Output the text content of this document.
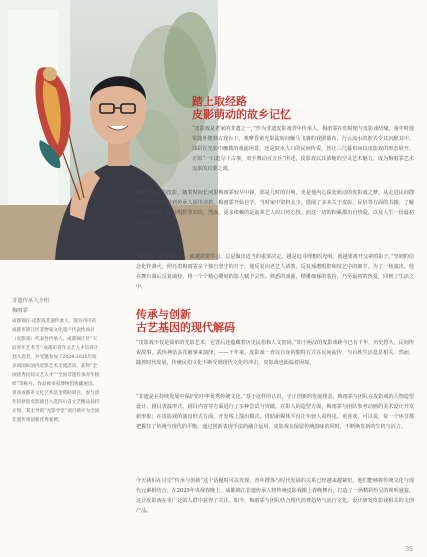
踏上取经路
皮影萌动的故乡记忆

“皮影戏是老家的非遗之一，”作为非遗皮影戏青年传承人，梅雨霏在幼时便与皮影戏结缘。童年时他常随外婆到古戏台下，观摩昏黄光影流转间触马飞骑的戏剧幕布，行云流水的腔式令其沉醉其中。油彩在光影中幽微的戏曲场景，还是鼓水人口的民间传说，皆让三尺幕布间以皮影戏的形态展开。正如“一口道尽千古事，双手舞动百万兵”所述，皮影戏以其浓缩的空灵艺术魅力，成为梅雨霏艺术追求的启蒙之源。

童年记忆中的皮影，随着时间长河里梅雨霏较早中锋，那是儿时的召唤，更是他内心深处萌动的皮影戏之梦。从走进民间搜集到的古戏资料到传承人那里请教，梅雨霏开始自学。当时家中资料太少，借阅了多本关于皮影、民俗等方面的书籍，了解了演出设备、剧目唱腔等知识，然而，更多依赖的是前辈艺人的口传心授。而这一切的积累都出自热爱，以及人生一份最初的责任。

“我年轻人越是爱皮影，就越需要学习。总是做出适当的重要决定。越是追寻理想的光明，就越要离开父辈的影子。”坚韧的信念化作盏火，照亮着梅雨霏多个独自坚守的日子。他反复向老艺人请教，反复琢磨唱腔和技艺中的细节。为了一场演出，他在舞台幕后反复调校，将一个个精心雕刻的影人赋予灵性。熟悉的戏曲，精雕细琢的装扮，乃至最初的热爱，回到了生活之中。

传承与创新
古艺基因的现代解码

“皮影戏不仅是简单的光影艺术，它背后还蕴藏着历史民俗和人文密码。”始于两汉的皮影戏距今已有千年，历史悠久，民间传说故事、武侠神话多次被拿来演绎。——千年来，皮影戏一直以自身的独特方式在民间流传，与百姓生活息息相关。然而，随着时代发展，传统民俗文化不断受到现代文化的冲击，皮影戏也面临着困境。

“非遗是在持续发展中保护的中华优秀传统文化。”基于这样的认识，守正创新的发展理念，梅雨霏与团队在皮影戏的人物造型设计、剧目表演形式、剧目内容等方面进行了多种尝试与突破。在影人的造型方面，梅雨霏与团队参考动画的美术设计开发新形象；在皮影戏的演出形式方面，开发线上演出模式，借助新媒体平台让年轻人看得见、更喜欢。可以说，每一个环节都把握住了传统与现代的平衡。通过创新表现手法的融合运用，皮影戏在保留传统韵味的同时，不断焕发新的生机与活力。

今天我们在讨论“传承与创新”这个话题时可以发现，青年群体与时代发展的关系已经越来越紧密，他们能够将传统文化与现代元素相结合。在2025年央视春晚上，成都锦江非遗传承人将传统皮影戏搬上春晚舞台，打造了一场精彩纷呈的视听盛宴，这让皮影戏在更广泛的人群中获得了关注。如今，梅雨霏与团队结合现代消费趋势与流行文化，设计研发皮影戏相关的文创产品。

非遗传承人介绍
梅雨霏
成都锦江·皮影戏非遗传承人。现为四川省成都市锦江区非物质文化遗产代表性项目（皮影戏）代表性传承人，成都锦江区“天府青年艺术节”·成都市青年文艺人才培养计划入选者，并受邀参加了2024-2025年度多项国际国内皮影艺术交流活动，获得“全国优秀民间文艺人才”“全国非遗传承青年榜样”等称号，作品被多家博物馆收藏展出。曾获成都市文化艺术基金资助项目，参与创作的原创皮影剧目入选四川省文艺精品扶持计划，其主导的“光影学堂”项目被评为全国非遗传承创新优秀案例。
35
